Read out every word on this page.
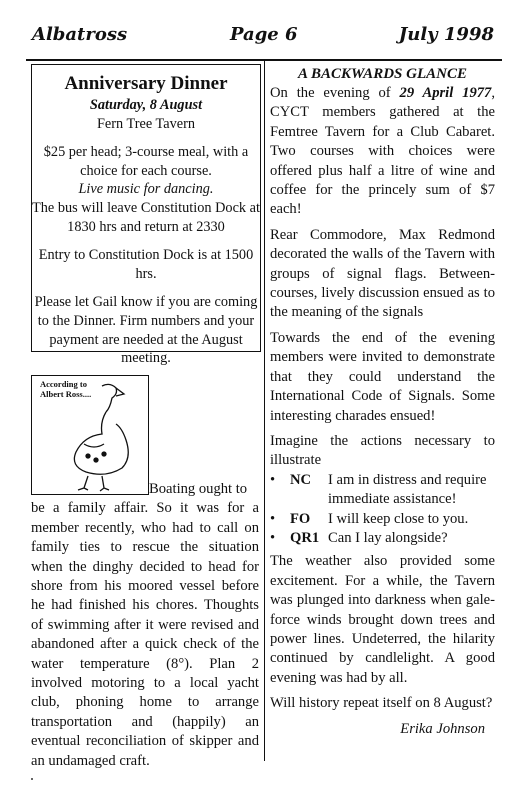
Albatross	Page 6	July 1998

Anniversary Dinner

Saturday, 8 August

Fern Tree Tavern

$25 per head; 3-course meal, with a choice for each course.

Live music for dancing.

The bus will leave Constitution Dock at 1830 hrs and return at 2330

Entry to Constitution Dock is at 1500 hrs.

Please let Gail know if you are coming to the Dinner. Firm numbers and your payment are needed at the August meeting.

According to Albert Ross....
Boating ought to
be a family affair. So it was for a member recently, who had to call on family ties to rescue the situation when the dinghy decided to head for shore from his moored vessel before he had finished his chores. Thoughts of swimming after it were revised and abandoned after a quick check of the water temperature (8°). Plan 2 involved motoring to a local yacht club, phoning home to arrange transportation and (happily) an eventual reconciliation of skipper and an undamaged craft.
A BACKWARDS GLANCE

On the evening of 29 April 1977, CYCT members gathered at the Femtree Tavern for a Club Cabaret. Two courses with choices were offered plus half a litre of wine and coffee for the princely sum of $7 each!

Rear Commodore, Max Redmond decorated the walls of the Tavern with groups of signal flags. Between-courses, lively discussion ensued as to the meaning of the signals

Towards the end of the evening members were invited to demonstrate that they could understand the International Code of Signals. Some interesting charades ensued!

Imagine the actions necessary to illustrate

• NC I am in distress and require immediate assistance!
• FO I will keep close to you.
• QR1 Can I lay alongside?

The weather also provided some excitement. For a while, the Tavern was plunged into darkness when gale-force winds brought down trees and power lines. Undeterred, the hilarity continued by candlelight. A good evening was had by all.

Will history repeat itself on 8 August?

Erika Johnson
